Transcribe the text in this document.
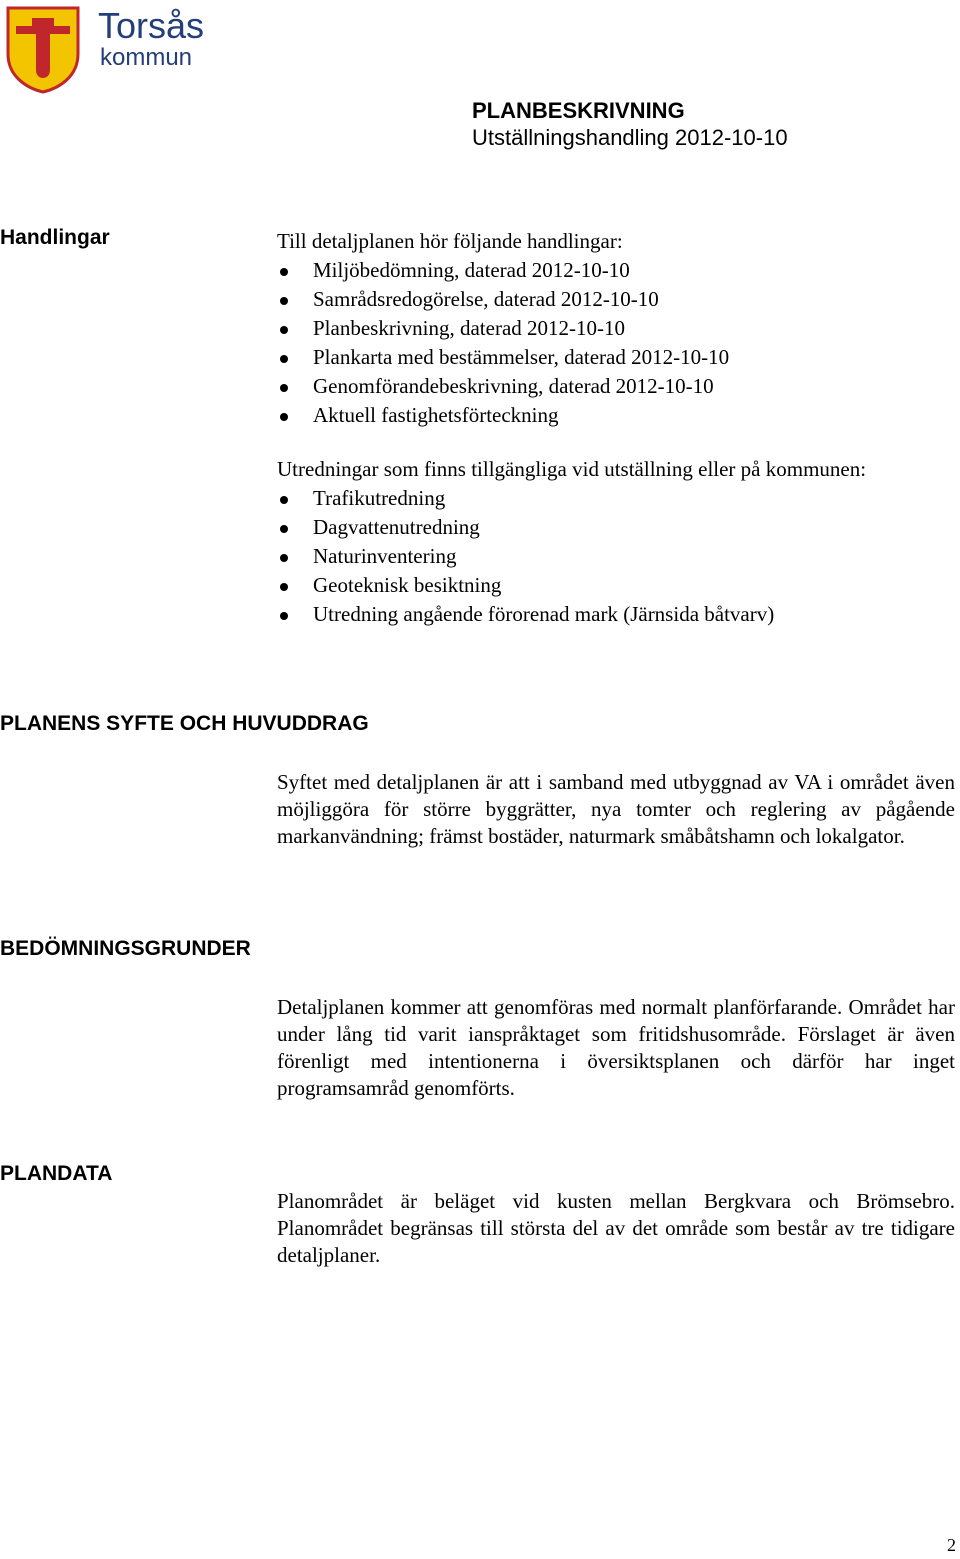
Torsås
kommun
PLANBESKRIVNING
Utställningshandling 2012-10-10
Handlingar	Till detaljplanen hör följande handlingar:

Miljöbedömning, daterad 2012-10-10
Samrådsredogörelse, daterad 2012-10-10
Planbeskrivning, daterad 2012-10-10
Plankarta med bestämmelser, daterad 2012-10-10
Genomförandebeskrivning, daterad 2012-10-10
Aktuell fastighetsförteckning

Utredningar som finns tillgängliga vid utställning eller på kommunen:

Trafikutredning
Dagvattenutredning
Naturinventering
Geoteknisk besiktning
Utredning angående förorenad mark (Järnsida båtvarv)
PLANENS SYFTE OCH HUVUDDRAG

Syftet med detaljplanen är att i samband med utbyggnad av VA i området även möjliggöra för större byggrätter, nya tomter och reglering av pågående markanvändning; främst bostäder, naturmark småbåtshamn och lokalgator.

BEDÖMNINGSGRUNDER

Detaljplanen kommer att genomföras med normalt planförfarande. Området har under lång tid varit ianspråktaget som fritidshusområde. Förslaget är även förenligt med intentionerna i översiktsplanen och därför har inget programsamråd genomförts.

PLANDATA

Planområdet är beläget vid kusten mellan Bergkvara och Brömsebro. Planområdet begränsas till största del av det område som består av tre tidigare detaljplaner.

2
